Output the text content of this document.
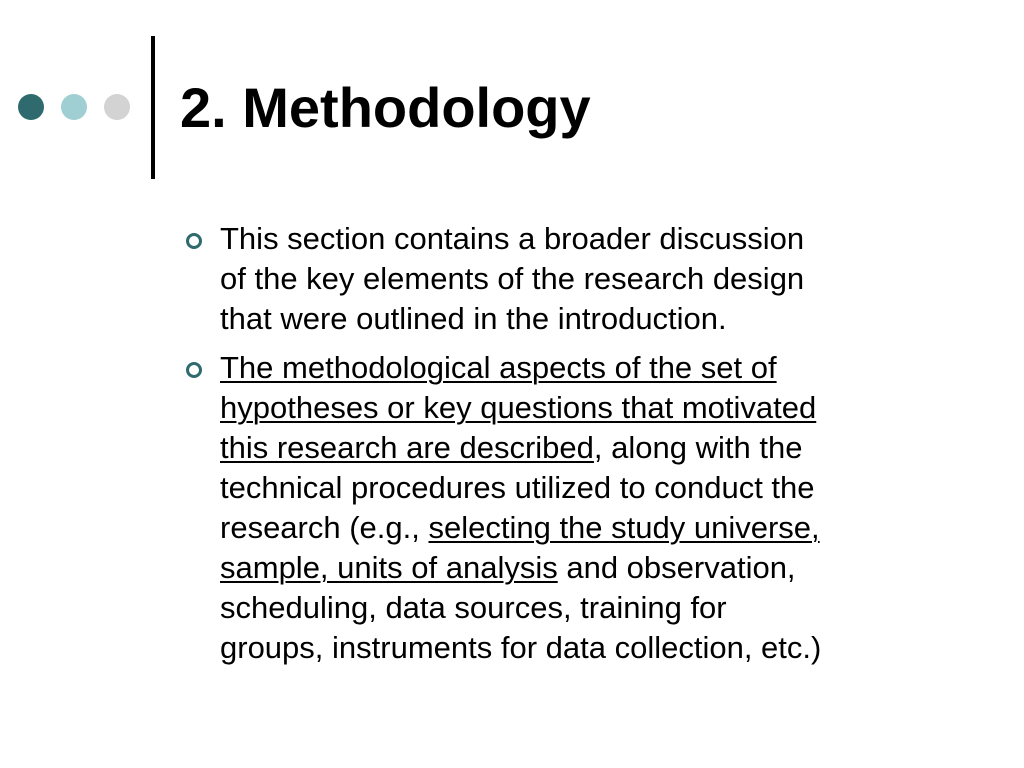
2. Methodology
This section contains a broader discussion
of the key elements of the research design
that were outlined in the introduction.
The methodological aspects of the set of
hypotheses or key questions that motivated
this research are described, along with the
technical procedures utilized to conduct the
research (e.g., selecting the study universe,
sample, units of analysis and observation,
scheduling, data sources, training for
groups, instruments for data collection, etc.)
